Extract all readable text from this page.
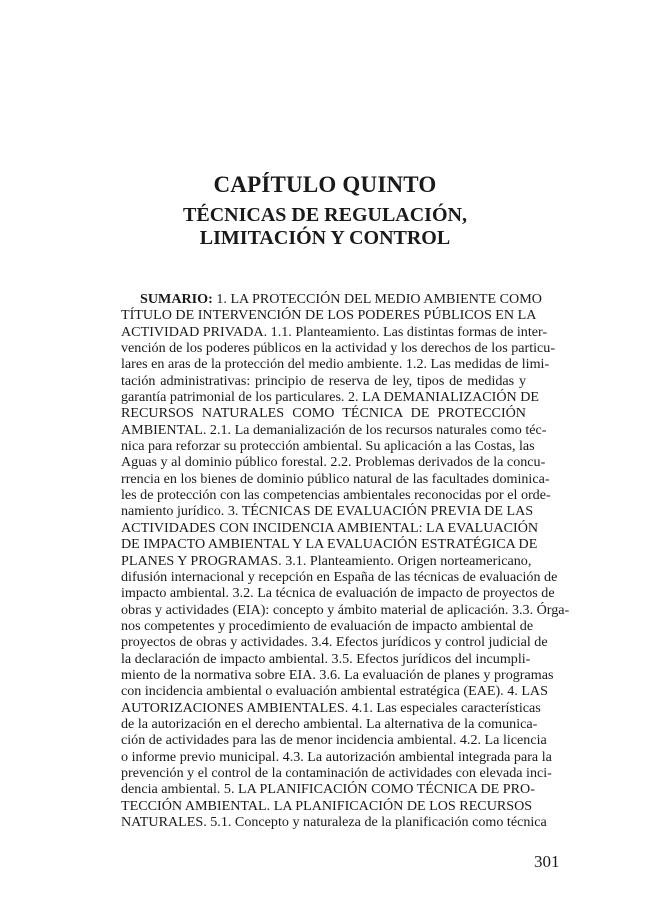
CAPÍTULO QUINTO
TÉCNICAS DE REGULACIÓN,
LIMITACIÓN Y CONTROL
SUMARIO: 1. LA PROTECCIÓN DEL MEDIO AMBIENTE COMO
TÍTULO DE INTERVENCIÓN DE LOS PODERES PÚBLICOS EN LA
ACTIVIDAD PRIVADA. 1.1. Planteamiento. Las distintas formas de inter-
vención de los poderes públicos en la actividad y los derechos de los particu-
lares en aras de la protección del medio ambiente. 1.2. Las medidas de limi-
tación administrativas: principio de reserva de ley, tipos de medidas y
garantía patrimonial de los particulares. 2. LA DEMANIALIZACIÓN DE
RECURSOS NATURALES COMO TÉCNICA DE PROTECCIÓN
AMBIENTAL. 2.1. La demanialización de los recursos naturales como téc-
nica para reforzar su protección ambiental. Su aplicación a las Costas, las
Aguas y al dominio público forestal. 2.2. Problemas derivados de la concu-
rrencia en los bienes de dominio público natural de las facultades dominica-
les de protección con las competencias ambientales reconocidas por el orde-
namiento jurídico. 3. TÉCNICAS DE EVALUACIÓN PREVIA DE LAS
ACTIVIDADES CON INCIDENCIA AMBIENTAL: LA EVALUACIÓN
DE IMPACTO AMBIENTAL Y LA EVALUACIÓN ESTRATÉGICA DE
PLANES Y PROGRAMAS. 3.1. Planteamiento. Origen norteamericano,
difusión internacional y recepción en España de las técnicas de evaluación de
impacto ambiental. 3.2. La técnica de evaluación de impacto de proyectos de
obras y actividades (EIA): concepto y ámbito material de aplicación. 3.3. Órga-
nos competentes y procedimiento de evaluación de impacto ambiental de
proyectos de obras y actividades. 3.4. Efectos jurídicos y control judicial de
la declaración de impacto ambiental. 3.5. Efectos jurídicos del incumpli-
miento de la normativa sobre EIA. 3.6. La evaluación de planes y programas
con incidencia ambiental o evaluación ambiental estratégica (EAE). 4. LAS
AUTORIZACIONES AMBIENTALES. 4.1. Las especiales características
de la autorización en el derecho ambiental. La alternativa de la comunica-
ción de actividades para las de menor incidencia ambiental. 4.2. La licencia
o informe previo municipal. 4.3. La autorización ambiental integrada para la
prevención y el control de la contaminación de actividades con elevada inci-
dencia ambiental. 5. LA PLANIFICACIÓN COMO TÉCNICA DE PRO-
TECCIÓN AMBIENTAL. LA PLANIFICACIÓN DE LOS RECURSOS
NATURALES. 5.1. Concepto y naturaleza de la planificación como técnica
301
